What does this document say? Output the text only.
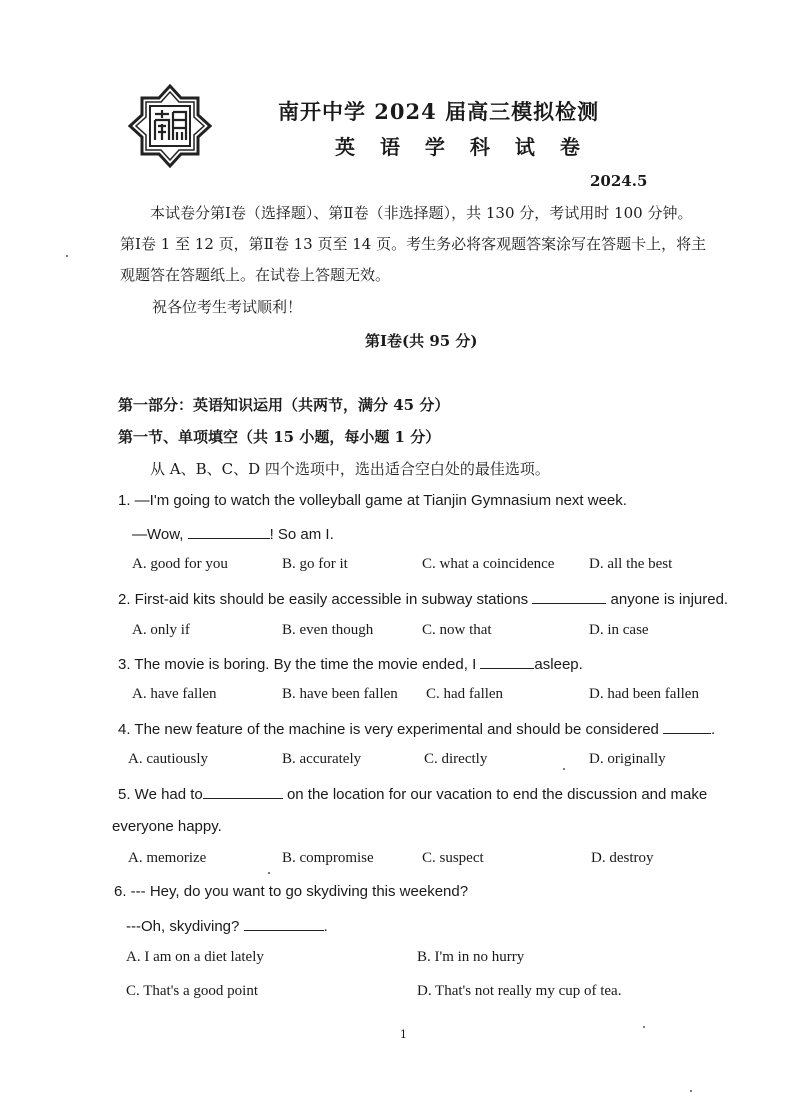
南开中学 2024 届高三模拟检测
英 语 学 科 试 卷
2024.5

本试卷分第Ⅰ卷（选择题）、第Ⅱ卷（非选择题），共 130 分，考试用时 100 分钟。

第Ⅰ卷 1 至 12 页，第Ⅱ卷 13 页至 14 页。考生务必将客观题答案涂写在答题卡上，将主

观题答在答题纸上。在试卷上答题无效。

祝各位考生考试顺利！
第Ⅰ卷(共 95 分)
第一部分：英语知识运用（共两节，满分 45 分）
第一节、单项填空（共 15 小题，每小题 1 分）
从 A、B、C、D 四个选项中，选出适合空白处的最佳选项。
1. —I'm going to watch the volleyball game at Tianjin Gymnasium next week.
—Wow,	! So am I.
A. good for you	B. go for it	C. what a coincidence D. all the best
2. First-aid kits should be easily accessible in subway stations	anyone is injured.
A. only if	B. even though	C. now that	D. in case
3. The movie is boring. By the time the movie ended, I	asleep.
A. have fallen	B. have been fallen C. had fallen	D. had been fallen
4. The new feature of the machine is very experimental and should be considered	.
A. cautiously	B. accurately	C. directly	D. originally
5. We had to	on the location for our vacation to end the discussion and make
everyone happy.
A. memorize	B. compromise	C. suspect	D. destroy
6. --- Hey, do you want to go skydiving this weekend?
---Oh, skydiving?	.
A. I am on a diet lately	B. I'm in no hurry
C. That's a good point	D. That's not really my cup of tea.
1
